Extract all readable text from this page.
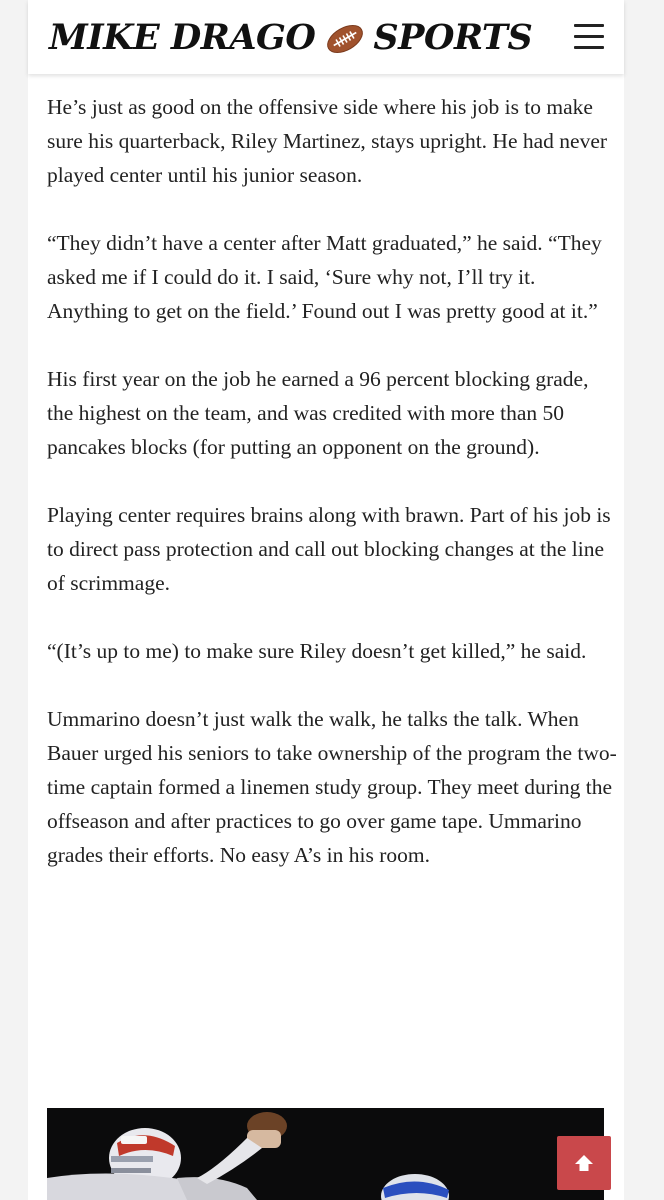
MIKE DRAGO SPORTS

He’s just as good on the offensive side where his job is to make sure his quarterback, Riley Martinez, stays upright. He had never played center until his junior season.

“They didn’t have a center after Matt graduated,” he said. “They asked me if I could do it. I said, ‘Sure why not, I’ll try it. Anything to get on the field.’ Found out I was pretty good at it.”

His first year on the job he earned a 96 percent blocking grade, the highest on the team, and was credited with more than 50 pancakes blocks (for putting an opponent on the ground).

Playing center requires brains along with brawn. Part of his job is to direct pass protection and call out blocking changes at the line of scrimmage.

“(It’s up to me) to make sure Riley doesn’t get killed,” he said.

Ummarino doesn’t just walk the walk, he talks the talk. When Bauer urged his seniors to take ownership of the program the two-time captain formed a linemen study group. They meet during the offseason and after practices to go over game tape. Ummarino grades their efforts. No easy A’s in his room.
